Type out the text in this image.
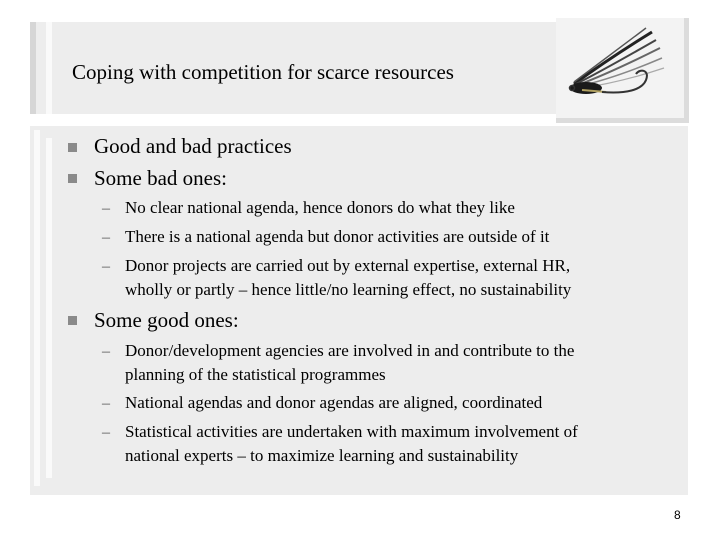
Coping with competition for scarce resources
Good and bad practices
Some bad ones:
– No clear national agenda, hence donors do what they like
– There is a national agenda but donor activities are outside of it
– Donor projects are carried out by external expertise, external HR,
wholly or partly – hence little/no learning effect, no sustainability
Some good ones:
– Donor/development agencies are involved in and contribute to the
planning of the statistical programmes
– National agendas and donor agendas are aligned, coordinated
– Statistical activities are undertaken with maximum involvement of
national experts – to maximize learning and sustainability
8
